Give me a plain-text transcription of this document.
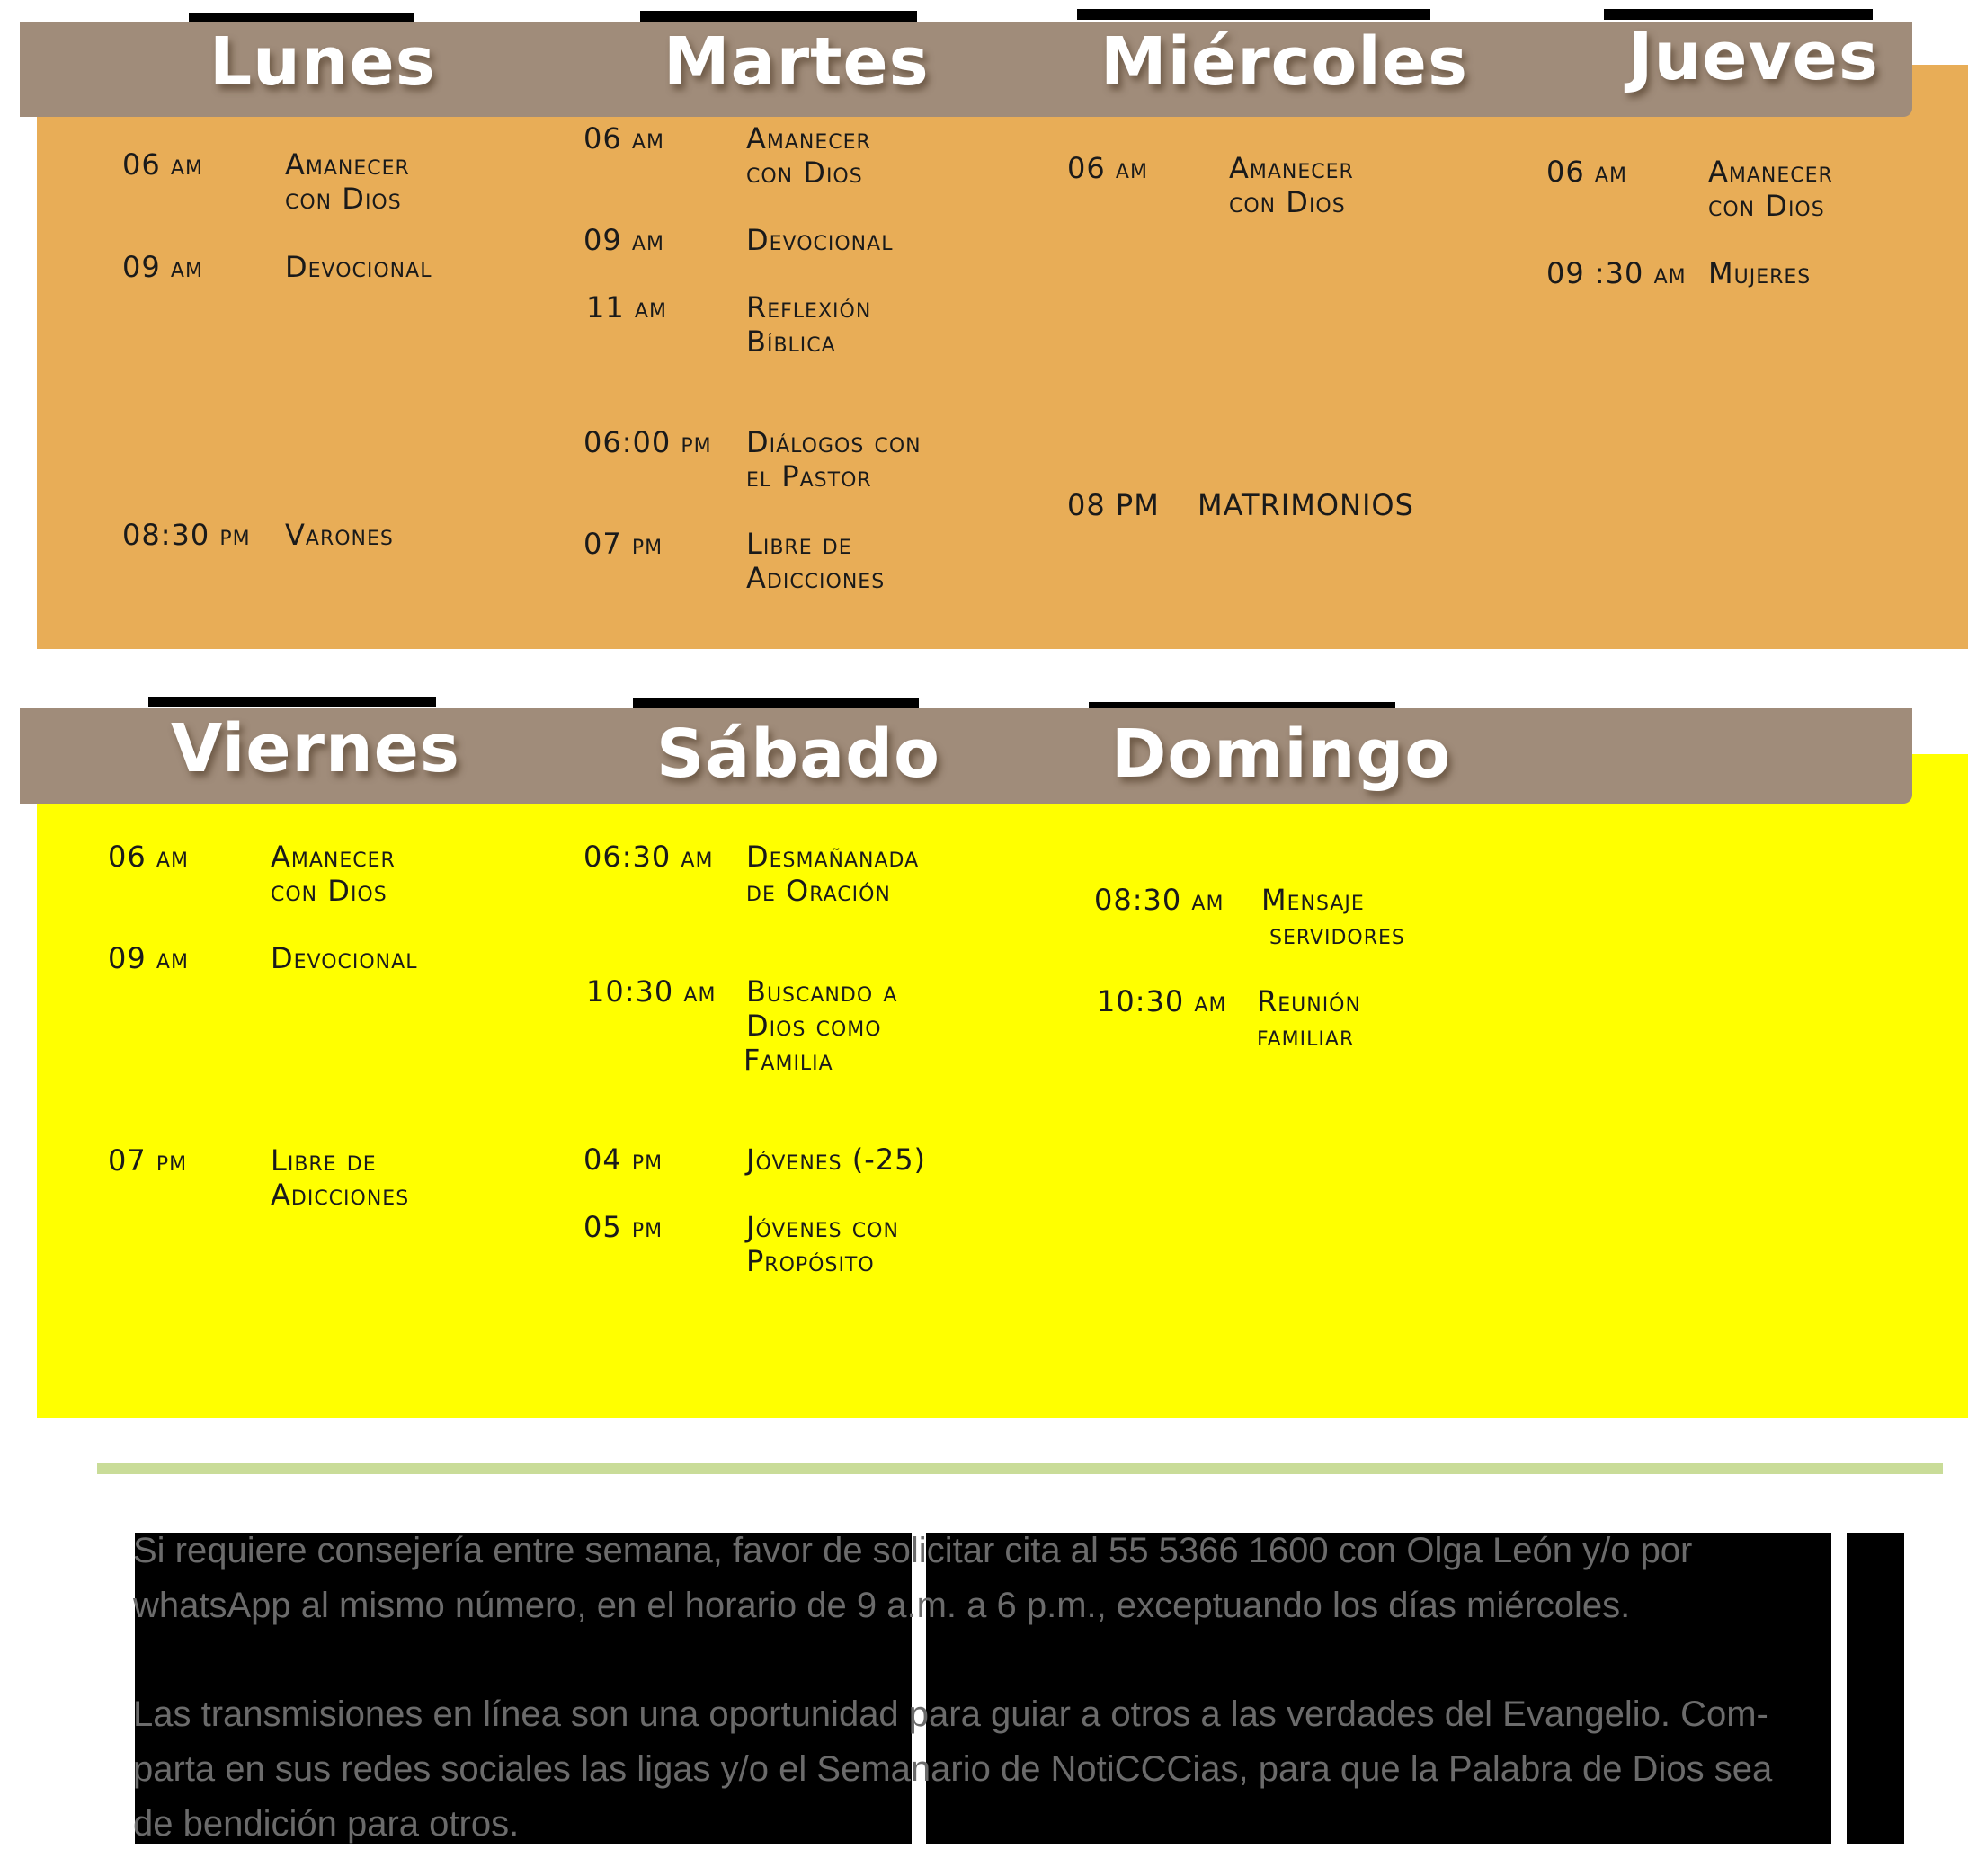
Lunes	Martes	Miércoles Jueves
06 am	Amanecer
con Dios
09 am	Devocional
08:30 pm Varones
06 am	Amanecer
con Dios
09 am	Devocional
11 am	Reflexión
Bíblica
06:00 pm Diálogos con
el Pastor
07 pm	Libre de
Adicciones
06 am	Amanecer
con Dios
08 PM MATRIMONIOS
06 am	Amanecer
con Dios
09 :30 am Mujeres
Viernes	Sábado	Domingo
06 am	Amanecer
con Dios
09 am	Devocional
07 pm	Libre de
Adicciones
06:30 am Desmañanada
de Oración
10:30 am Buscando a
Dios como
Familia
04 pm	Jóvenes (-25)
05 pm	Jóvenes con
Propósito
08:30 am Mensaje
servidores
10:30 am Reunión
familiar
Si requiere consejería entre semana, favor de solicitar cita al 55 5366 1600 con Olga León y/o por
whatsApp al mismo número, en el horario de 9 a.m. a 6 p.m., exceptuando los días miércoles.
Las transmisiones en línea son una oportunidad para guiar a otros a las verdades del Evangelio. Com-
parta en sus redes sociales las ligas y/o el Semanario de NotiCCCias, para que la Palabra de Dios sea
de bendición para otros.
